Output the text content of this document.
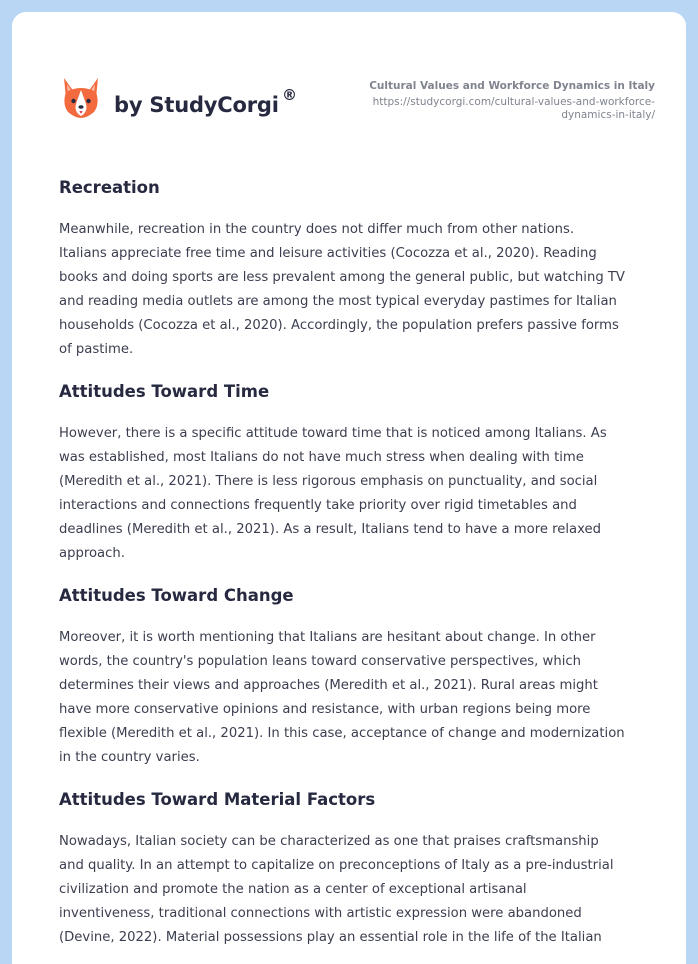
by StudyCorgi ®	Cultural Values and Workforce Dynamics in Italy
https://studycorgi.com/cultural-values-and-workforce-
dynamics-in-italy/
Recreation

Meanwhile, recreation in the country does not differ much from other nations.
Italians appreciate free time and leisure activities (Cocozza et al., 2020). Reading
books and doing sports are less prevalent among the general public, but watching TV
and reading media outlets are among the most typical everyday pastimes for Italian
households (Cocozza et al., 2020). Accordingly, the population prefers passive forms
of pastime.

Attitudes Toward Time

However, there is a specific attitude toward time that is noticed among Italians. As
was established, most Italians do not have much stress when dealing with time
(Meredith et al., 2021). There is less rigorous emphasis on punctuality, and social
interactions and connections frequently take priority over rigid timetables and
deadlines (Meredith et al., 2021). As a result, Italians tend to have a more relaxed
approach.

Attitudes Toward Change

Moreover, it is worth mentioning that Italians are hesitant about change. In other
words, the country's population leans toward conservative perspectives, which
determines their views and approaches (Meredith et al., 2021). Rural areas might
have more conservative opinions and resistance, with urban regions being more
flexible (Meredith et al., 2021). In this case, acceptance of change and modernization
in the country varies.

Attitudes Toward Material Factors

Nowadays, Italian society can be characterized as one that praises craftsmanship
and quality. In an attempt to capitalize on preconceptions of Italy as a pre-industrial
civilization and promote the nation as a center of exceptional artisanal
inventiveness, traditional connections with artistic expression were abandoned
(Devine, 2022). Material possessions play an essential role in the life of the Italian
